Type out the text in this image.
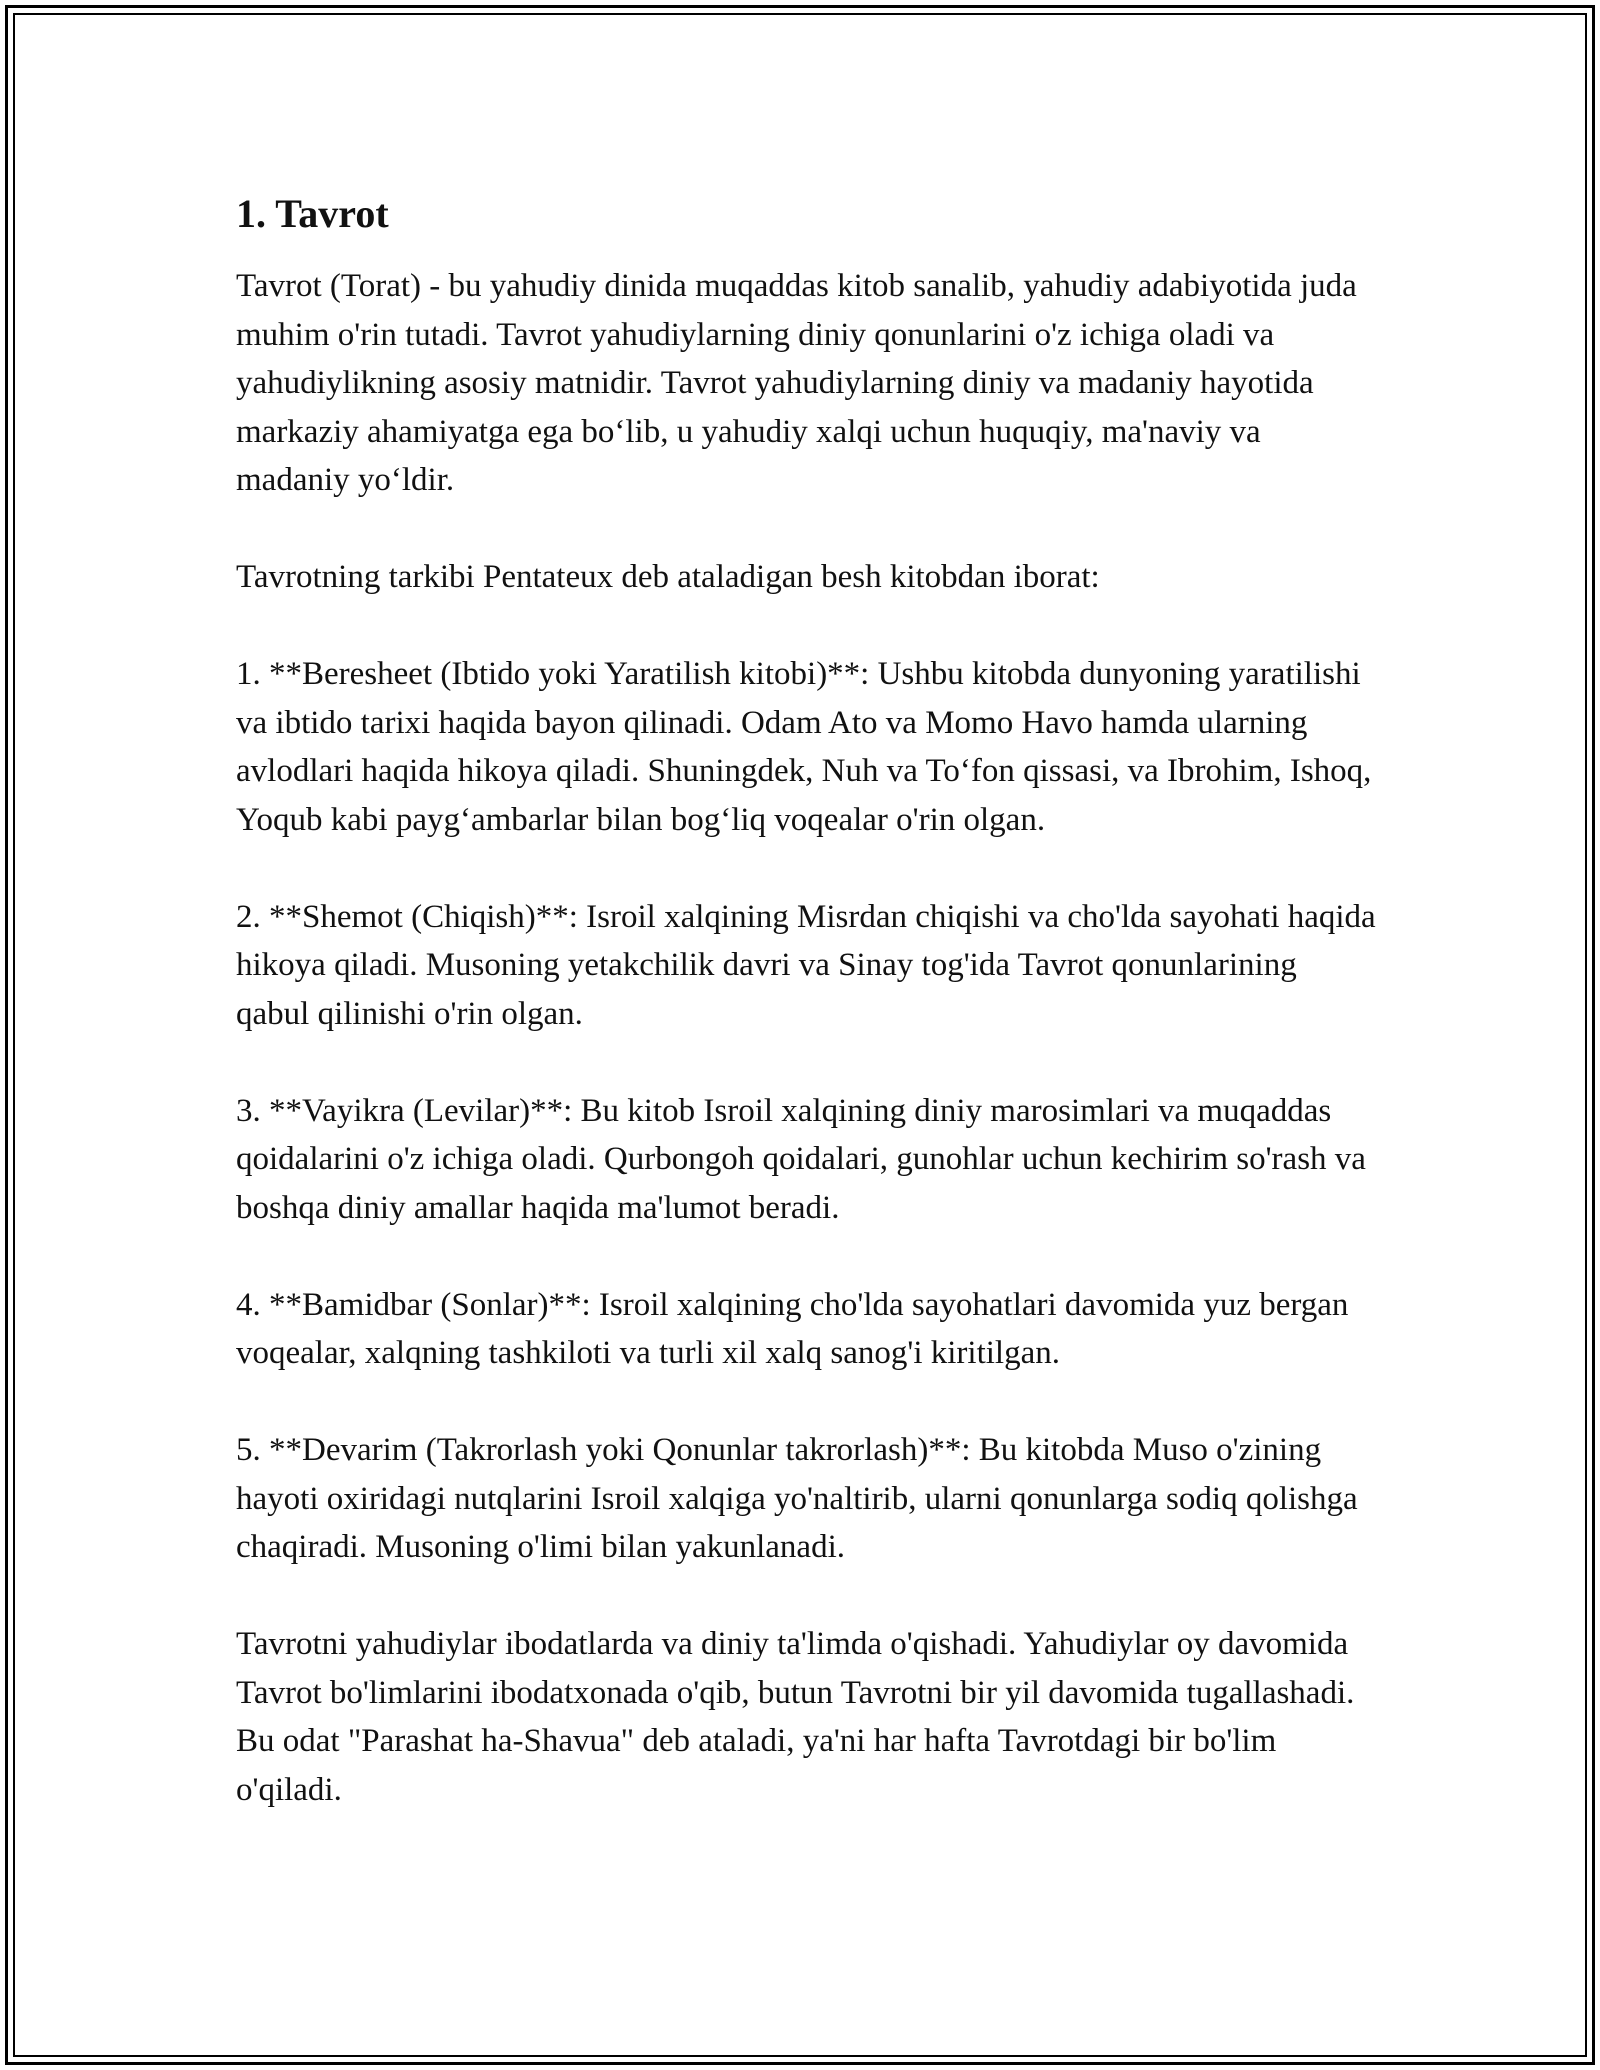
1. Tavrot

Tavrot (Torat) - bu yahudiy dinida muqaddas kitob sanalib, yahudiy adabiyotida juda muhim o'rin tutadi. Tavrot yahudiylarning diniy qonunlarini o'z ichiga oladi va yahudiylikning asosiy matnidir. Tavrot yahudiylarning diniy va madaniy hayotida markaziy ahamiyatga ega bo‘lib, u yahudiy xalqi uchun huquqiy, ma'naviy va madaniy yo‘ldir.

Tavrotning tarkibi Pentateux deb ataladigan besh kitobdan iborat:

1. **Beresheet (Ibtido yoki Yaratilish kitobi)**: Ushbu kitobda dunyoning yaratilishi va ibtido tarixi haqida bayon qilinadi. Odam Ato va Momo Havo hamda ularning avlodlari haqida hikoya qiladi. Shuningdek, Nuh va To‘fon qissasi, va Ibrohim, Ishoq, Yoqub kabi payg‘ambarlar bilan bog‘liq voqealar o'rin olgan.

2. **Shemot (Chiqish)**: Isroil xalqining Misrdan chiqishi va cho'lda sayohati haqida hikoya qiladi. Musoning yetakchilik davri va Sinay tog'ida Tavrot qonunlarining qabul qilinishi o'rin olgan.

3. **Vayikra (Levilar)**: Bu kitob Isroil xalqining diniy marosimlari va muqaddas qoidalarini o'z ichiga oladi. Qurbongoh qoidalari, gunohlar uchun kechirim so'rash va boshqa diniy amallar haqida ma'lumot beradi.

4. **Bamidbar (Sonlar)**: Isroil xalqining cho'lda sayohatlari davomida yuz bergan voqealar, xalqning tashkiloti va turli xil xalq sanog'i kiritilgan.

5. **Devarim (Takrorlash yoki Qonunlar takrorlash)**: Bu kitobda Muso o'zining hayoti oxiridagi nutqlarini Isroil xalqiga yo'naltirib, ularni qonunlarga sodiq qolishga chaqiradi. Musoning o'limi bilan yakunlanadi.

Tavrotni yahudiylar ibodatlarda va diniy ta'limda o'qishadi. Yahudiylar oy davomida Tavrot bo'limlarini ibodatxonada o'qib, butun Tavrotni bir yil davomida tugallashadi. Bu odat "Parashat ha-Shavua" deb ataladi, ya'ni har hafta Tavrotdagi bir bo'lim o'qiladi.
